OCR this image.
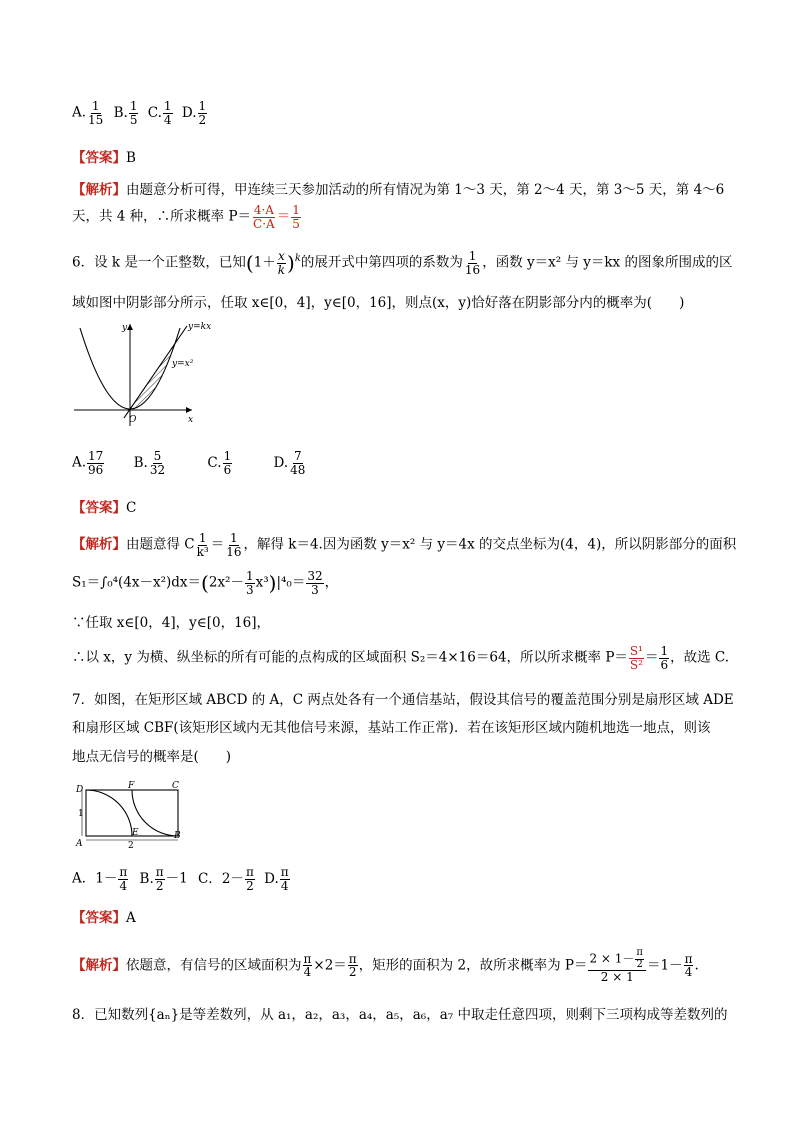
A. $\frac{1}{15} B$. $\frac{1}{5} C$. $\frac{1}{4} D$. $\frac{1}{2}$
【答案】B
【解析】由题意分析可得，甲连续三天参加活动的所有情况为第 1～3 天，第 2～4 天，第 3～5 天，第 4～6
天，共 4 种，∴所求概率 $P= \frac{4\cdot A}{C\cdot A} = \frac{1}{5}$
6．设 k 是一个正整数，已知$(1+ \frac{x}{k} )^k$的展开式中第四项的系数为 $\frac{1}{16}$ ，函数 y＝x² 与 y＝kx 的图象所围成的区
域如图中阴影部分所示，任取 x∈[0，4]，y∈[0，16]，则点(x，y)恰好落在阴影部分内的概率为(　　)
y
x
O
y=kx
y=x²
A. $\frac{17}{96} B$. $\frac{5}{32}$	C. $\frac{1}{6}$	D. $\frac{7}{48}$
【答案】C
【解析】由题意得 C $\frac{1}{\text{k³}} = \frac{1}{16}$ ，解得 k＝4.因为函数 y＝x² 与 y＝4x 的交点坐标为(4，4)，所以阴影部分的面积
$S_1=\int_0^4(4x-x^2)dx=(2x^2- \frac{1}{3} x^3)|^4_0= \frac{32}{3}$ ，
∵任取 x∈[0，4]，y∈[0，16]，
∴以 x，y 为横、纵坐标的所有可能的点构成的区域面积 S₂＝4×16＝64，所以所求概率 $P= \frac{\text{S¹}}{\text{S²}} = \frac{1}{6}$ ，故选 C.
7．如图，在矩形区域 ABCD 的 A，C 两点处各有一个通信基站，假设其信号的覆盖范围分别是扇形区域 ADE
和扇形区域 CBF(该矩形区域内无其他信号来源，基站工作正常)．若在该矩形区域内随机地选一地点，则该
地点无信号的概率是(　　)
D	F	C
A
E	B
1
2
A．$1- \frac{\pi}{4} B$. $\frac{\pi}{2} -1$ C．$2- \frac{\pi}{2} D$. $\frac{\pi}{4}$
【答案】A
【解析】依题意，有信号的区域面积为 $\frac{\pi}{4} \times 2= \frac{\pi}{2}$ ，矩形的面积为 2，故所求概率为 $P= \frac{2 \times 1- \frac{\pi}{2}}{2 \times 1} =1- \frac{\pi}{4}$ .
8．已知数列{aₙ}是等差数列，从 a₁，a₂，a₃，a₄，a₅，a₆，a₇ 中取走任意四项，则剩下三项构成等差数列的
